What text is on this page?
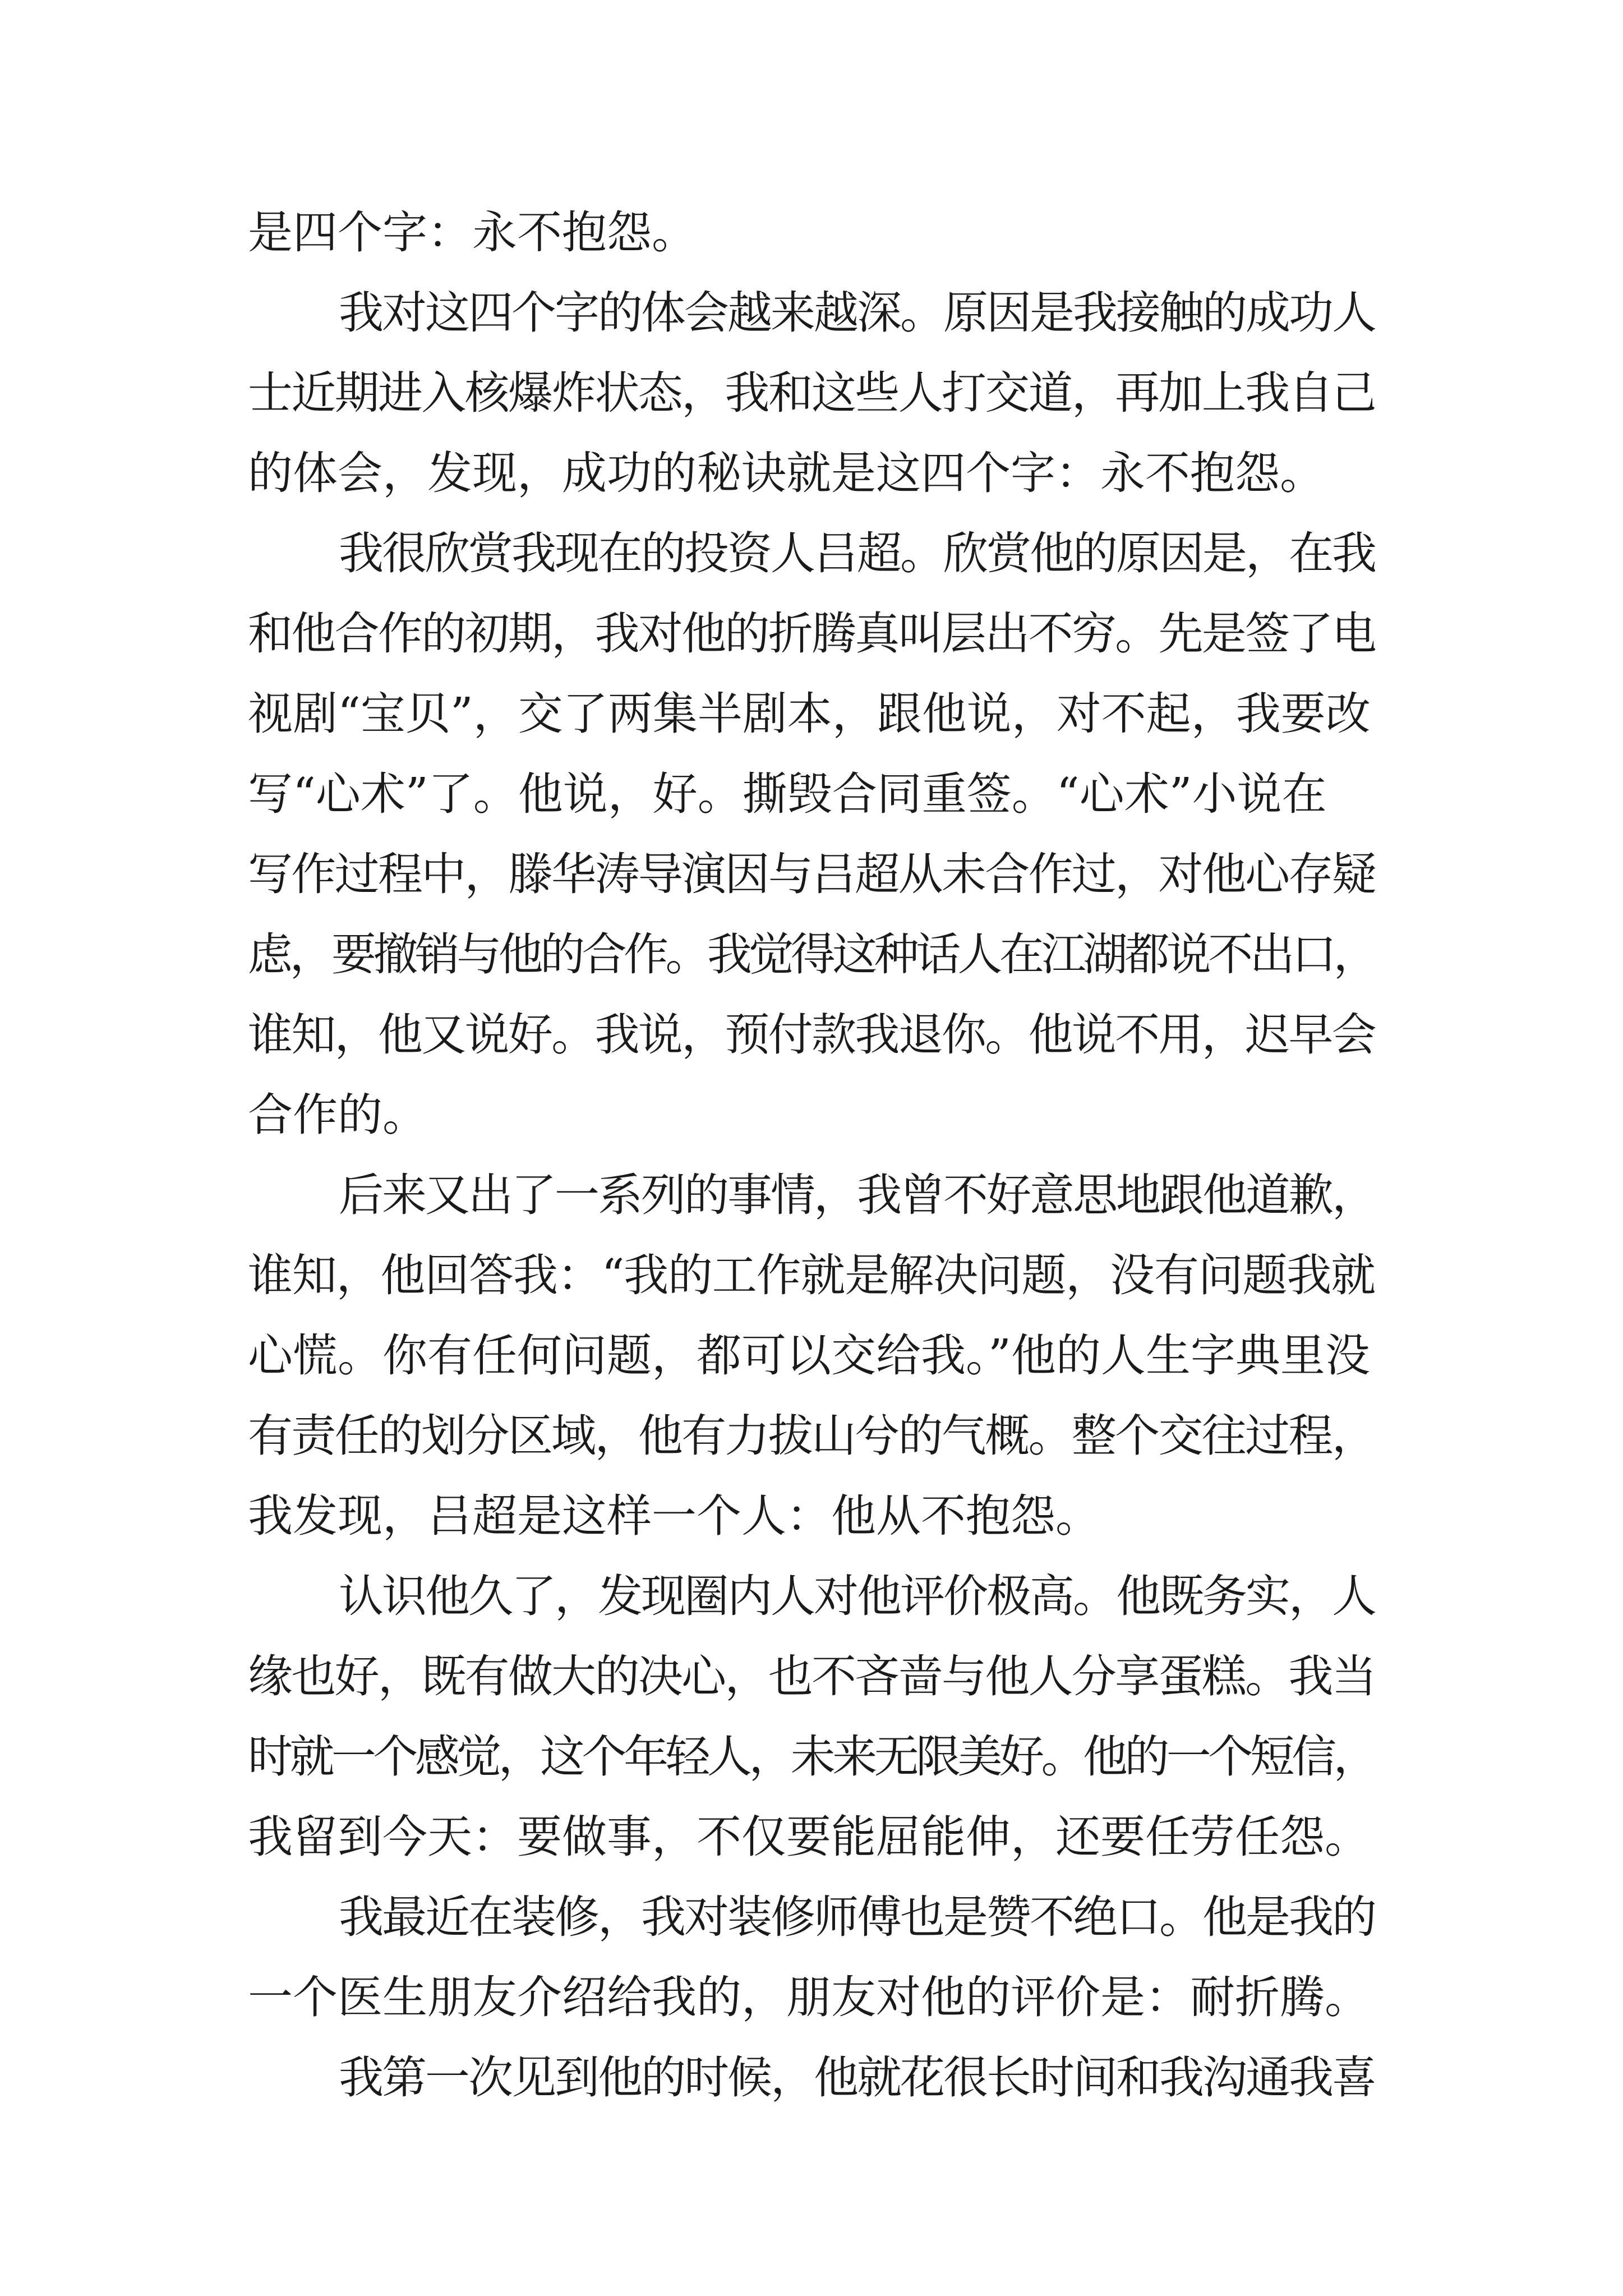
是四个字：永不抱怨。
我对这四个字的体会越来越深。原因是我接触的成功人
士近期进入核爆炸状态，我和这些人打交道，再加上我自己
的体会，发现，成功的秘诀就是这四个字：永不抱怨。
我很欣赏我现在的投资人吕超。欣赏他的原因是，在我
和他合作的初期，我对他的折腾真叫层出不穷。先是签了电
视剧“宝贝”，交了两集半剧本，跟他说，对不起，我要改
写“心术”了。他说，好。撕毁合同重签。“心术”小说在
写作过程中，滕华涛导演因与吕超从未合作过，对他心存疑
虑，要撤销与他的合作。我觉得这种话人在江湖都说不出口，
谁知，他又说好。我说，预付款我退你。他说不用，迟早会
合作的。
后来又出了一系列的事情，我曾不好意思地跟他道歉，
谁知，他回答我：“我的工作就是解决问题，没有问题我就
心慌。你有任何问题，都可以交给我。”他的人生字典里没
有责任的划分区域，他有力拔山兮的气概。整个交往过程，
我发现，吕超是这样一个人：他从不抱怨。
认识他久了，发现圈内人对他评价极高。他既务实，人
缘也好，既有做大的决心，也不吝啬与他人分享蛋糕。我当
时就一个感觉，这个年轻人，未来无限美好。他的一个短信，
我留到今天：要做事，不仅要能屈能伸，还要任劳任怨。
我最近在装修，我对装修师傅也是赞不绝口。他是我的
一个医生朋友介绍给我的，朋友对他的评价是：耐折腾。
我第一次见到他的时候，他就花很长时间和我沟通我喜
